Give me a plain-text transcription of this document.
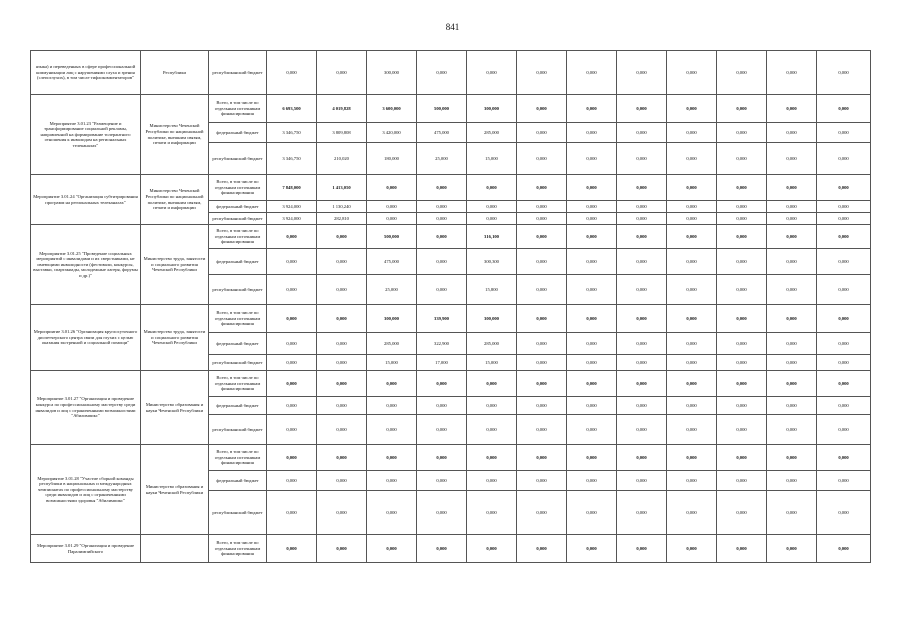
841
языка) и переведенных в сфере профессиональной коммуникации лиц с нарушениями слуха и зрения (слепоглухих), в том числе тифлокомментаторов"	Республики	республиканский бюджет	0,000	0,000	300,000	0,000	0,000	0,000	0,000	0,000	0,000	0,000	0,000	0,000
Мероприятие 3.01.23 "Размещение и трансформирование социальной рекламы, направленной на формирование толерантного отношения к инвалидам на региональных телеканалах"	Министерство Чеченской Республики по национальной политике, внешним связям, печати и информации	Всего, в том числе по отдельным источникам финансирования	6 693,500	4 019,828	3 600,000	500,000	300,000	0,000	0,000	0,000	0,000	0,000	0,000	0,000
		федеральный бюджет	3 346,750	3 809,808	3 420,000	475,000	285,000	0,000	0,000	0,000	0,000	0,000	0,000	0,000
		республиканский бюджет	3 346,750	210,020	180,000	25,000	15,000	0,000	0,000	0,000	0,000	0,000	0,000	0,000
Мероприятие 3.01.24 "Организация субтитрирования программ на региональных телеканалах"	Министерство Чеченской Республики по национальной политике, внешним связям, печати и информации	Всего, в том числе по отдельным источникам финансирования	7 848,000	1 413,050	0,000	0,000	0,000	0,000	0,000	0,000	0,000	0,000	0,000	0,000
		федеральный бюджет	3 924,000	1 130,240	0,000	0,000	0,000	0,000	0,000	0,000	0,000	0,000	0,000	0,000
		республиканский бюджет	3 924,000	282,810	0,000	0,000	0,000	0,000	0,000	0,000	0,000	0,000	0,000	0,000
Мероприятие 3.01.25 "Проведение социальных мероприятий с инвалидами и их сверстниками, не имеющими инвалидности (фестивали, конкурсы, выставки, спартакиады, молодежные лагеря, форумы и др.)"	Министерство труда, занятости и социального развития Чеченской Республики	Всего, в том числе по отдельным источникам финансирования	0,000	0,000	500,000	0,000	316,100	0,000	0,000	0,000	0,000	0,000	0,000	0,000
		федеральный бюджет	0,000	0,000	475,000	0,000	300,300	0,000	0,000	0,000	0,000	0,000	0,000	0,000
		республиканский бюджет	0,000	0,000	25,000	0,000	15,800	0,000	0,000	0,000	0,000	0,000	0,000	0,000
Мероприятие 3.01.26 "Организация круглосуточного диспетчерского центра связи для глухих с целью оказания экстренной и социальной помощи"	Министерство труда, занятости и социального развития Чеченской Республики	Всего, в том числе по отдельным источникам финансирования	0,000	0,000	300,000	339,900	300,000	0,000	0,000	0,000	0,000	0,000	0,000	0,000
		федеральный бюджет	0,000	0,000	285,000	322,900	285,000	0,000	0,000	0,000	0,000	0,000	0,000	0,000
		республиканский бюджет	0,000	0,000	15,000	17,000	15,000	0,000	0,000	0,000	0,000	0,000	0,000	0,000
Мероприятие 3.01.27 "Организация и проведение конкурса по профессиональному мастерству среди инвалидов и лиц с ограниченными возможностями "Абилимпикс"	Министерство образования и науки Чеченской Республики	Всего, в том числе по отдельным источникам финансирования	0,000	0,000	0,000	0,000	0,000	0,000	0,000	0,000	0,000	0,000	0,000	0,000
		федеральный бюджет	0,000	0,000	0,000	0,000	0,000	0,000	0,000	0,000	0,000	0,000	0,000	0,000
		республиканский бюджет	0,000	0,000	0,000	0,000	0,000	0,000	0,000	0,000	0,000	0,000	0,000	0,000
Мероприятие 3.01.28 "Участие сборной команды республики в национальных и международных чемпионатах по профессиональному мастерству среди инвалидов и лиц с ограниченными возможностями здоровья "Абилимпикс"	Министерство образования и науки Чеченской Республики	Всего, в том числе по отдельным источникам финансирования	0,000	0,000	0,000	0,000	0,000	0,000	0,000	0,000	0,000	0,000	0,000	0,000
		федеральный бюджет	0,000	0,000	0,000	0,000	0,000	0,000	0,000	0,000	0,000	0,000	0,000	0,000
		республиканский бюджет	0,000	0,000	0,000	0,000	0,000	0,000	0,000	0,000	0,000	0,000	0,000	0,000
Мероприятие 3.01.29 "Организация и проведение Паралимпийского		Всего, в том числе по отдельным источникам финансирования	0,000	0,000	0,000	0,000	0,000	0,000	0,000	0,000	0,000	0,000	0,000	0,000
